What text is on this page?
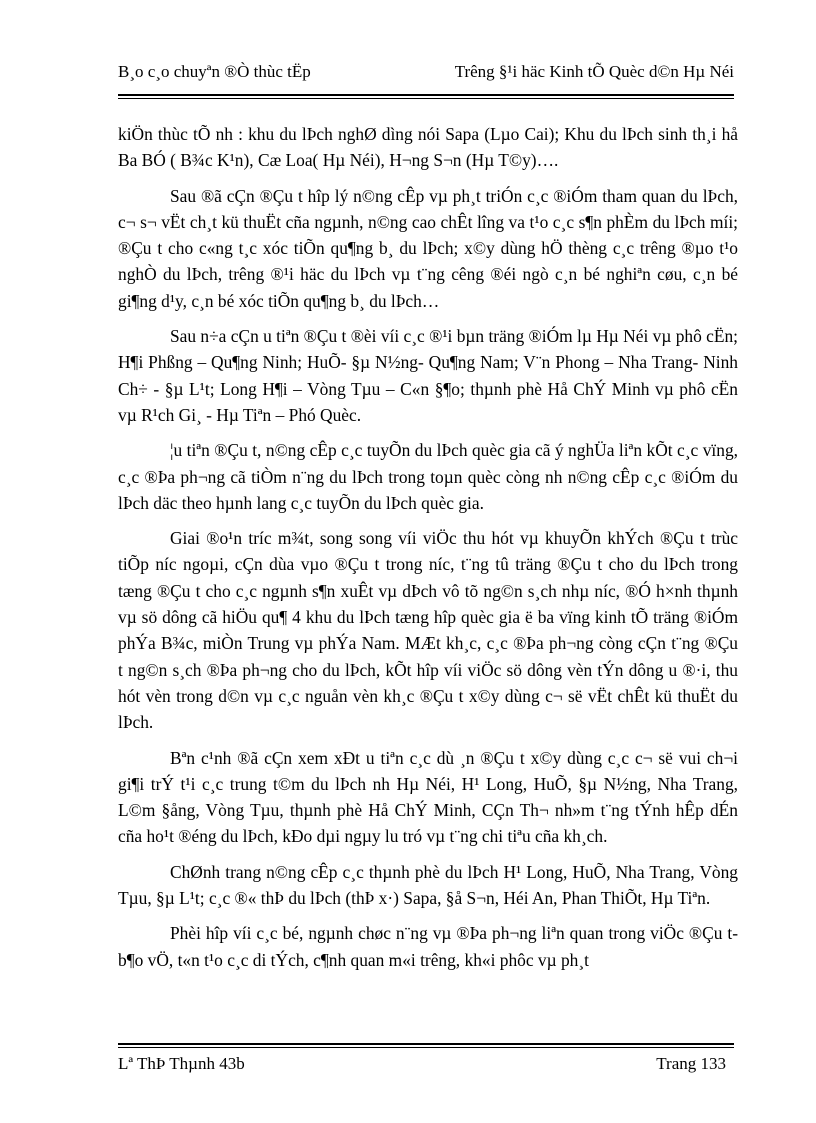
B¸o c¸o chuyªn ®Ò thùc tËp	Trêng §¹i häc Kinh tÕ Quèc d©n Hµ Néi

kiÖn thùc tÕ nh : khu du lÞch nghØ dìng nói Sapa (Lµo Cai); Khu du lÞch sinh th¸i hå Ba BÓ ( B¾c K¹n), Cæ Loa( Hµ Néi), H¬ng S¬n (Hµ T©y)….

Sau ®ã cÇn ®Çu t hîp lý n©ng cÊp vµ ph¸t triÓn c¸c ®iÓm tham quan du lÞch, c¬ s¬ vËt ch¸t kü thuËt cña ngµnh, n©ng cao chÊt lîng va t¹o c¸c s¶n phÈm du lÞch míi; ®Çu t cho c«ng t¸c xóc tiÕn qu¶ng b¸ du lÞch; x©y dùng hÖ thèng c¸c trêng ®µo t¹o nghÒ du lÞch, trêng ®¹i häc du lÞch vµ t¨ng cêng ®éi ngò c¸n bé nghiªn cøu, c¸n bé gi¶ng d¹y, c¸n bé xóc tiÕn qu¶ng b¸ du lÞch…

Sau n÷a cÇn u tiªn ®Çu t ®èi víi c¸c ®¹i bµn träng ®iÓm lµ Hµ Néi vµ phô cËn; H¶i Phßng – Qu¶ng Ninh; HuÕ- §µ N½ng- Qu¶ng Nam; V¨n Phong – Nha Trang- Ninh Ch÷ - §µ L¹t; Long H¶i – Vòng Tµu – C«n §¶o; thµnh phè Hå ChÝ Minh vµ phô cËn vµ R¹ch Gi¸ - Hµ Tiªn – Phó Quèc.

¦u tiªn ®Çu t, n©ng cÊp c¸c tuyÕn du lÞch quèc gia cã ý nghÜa liªn kÕt c¸c vïng, c¸c ®Þa ph¬ng cã tiÒm n¨ng du lÞch trong toµn quèc còng nh n©ng cÊp c¸c ®iÓm du lÞch däc theo hµnh lang c¸c tuyÕn du lÞch quèc gia.

Giai ®o¹n tríc m¾t, song song víi viÖc thu hót vµ khuyÕn khÝch ®Çu t trùc tiÕp níc ngoµi, cÇn dùa vµo ®Çu t trong níc, t¨ng tû träng ®Çu t cho du lÞch trong tæng ®Çu t cho c¸c ngµnh s¶n xuÊt vµ dÞch vô tõ ng©n s¸ch nhµ níc, ®Ó h×nh thµnh vµ sö dông cã hiÖu qu¶ 4 khu du lÞch tæng hîp quèc gia ë ba vïng kinh tÕ träng ®iÓm phÝa B¾c, miÒn Trung vµ phÝa Nam. MÆt kh¸c, c¸c ®Þa ph¬ng còng cÇn t¨ng ®Çu t ng©n s¸ch ®Þa ph¬ng cho du lÞch, kÕt hîp víi viÖc sö dông vèn tÝn dông u ®·i, thu hót vèn trong d©n vµ c¸c nguån vèn kh¸c ®Çu t x©y dùng c¬ së vËt chÊt kü thuËt du lÞch.

Bªn c¹nh ®ã cÇn xem xÐt u tiªn c¸c dù ¸n ®Çu t x©y dùng c¸c c¬ së vui ch¬i gi¶i trÝ t¹i c¸c trung t©m du lÞch nh Hµ Néi, H¹ Long, HuÕ, §µ N½ng, Nha Trang, L©m §ång, Vòng Tµu, thµnh phè Hå ChÝ Minh, CÇn Th¬ nh»m t¨ng tÝnh hÊp dÉn cña ho¹t ®éng du lÞch, kÐo dµi ngµy lu tró vµ t¨ng chi tiªu cña kh¸ch.

ChØnh trang n©ng cÊp c¸c thµnh phè du lÞch H¹ Long, HuÕ, Nha Trang, Vòng Tµu, §µ L¹t; c¸c ®« thÞ du lÞch (thÞ x·) Sapa, §å S¬n, Héi An, Phan ThiÕt, Hµ Tiªn.

Phèi hîp víi c¸c bé, ngµnh chøc n¨ng vµ ®Þa ph¬ng liªn quan trong viÖc ®Çu t b¶o vÖ, t«n t¹o c¸c di tÝch, c¶nh quan m«i trêng, kh«i phôc vµ ph¸t

Lª ThÞ Thµnh 43b	Trang 133
